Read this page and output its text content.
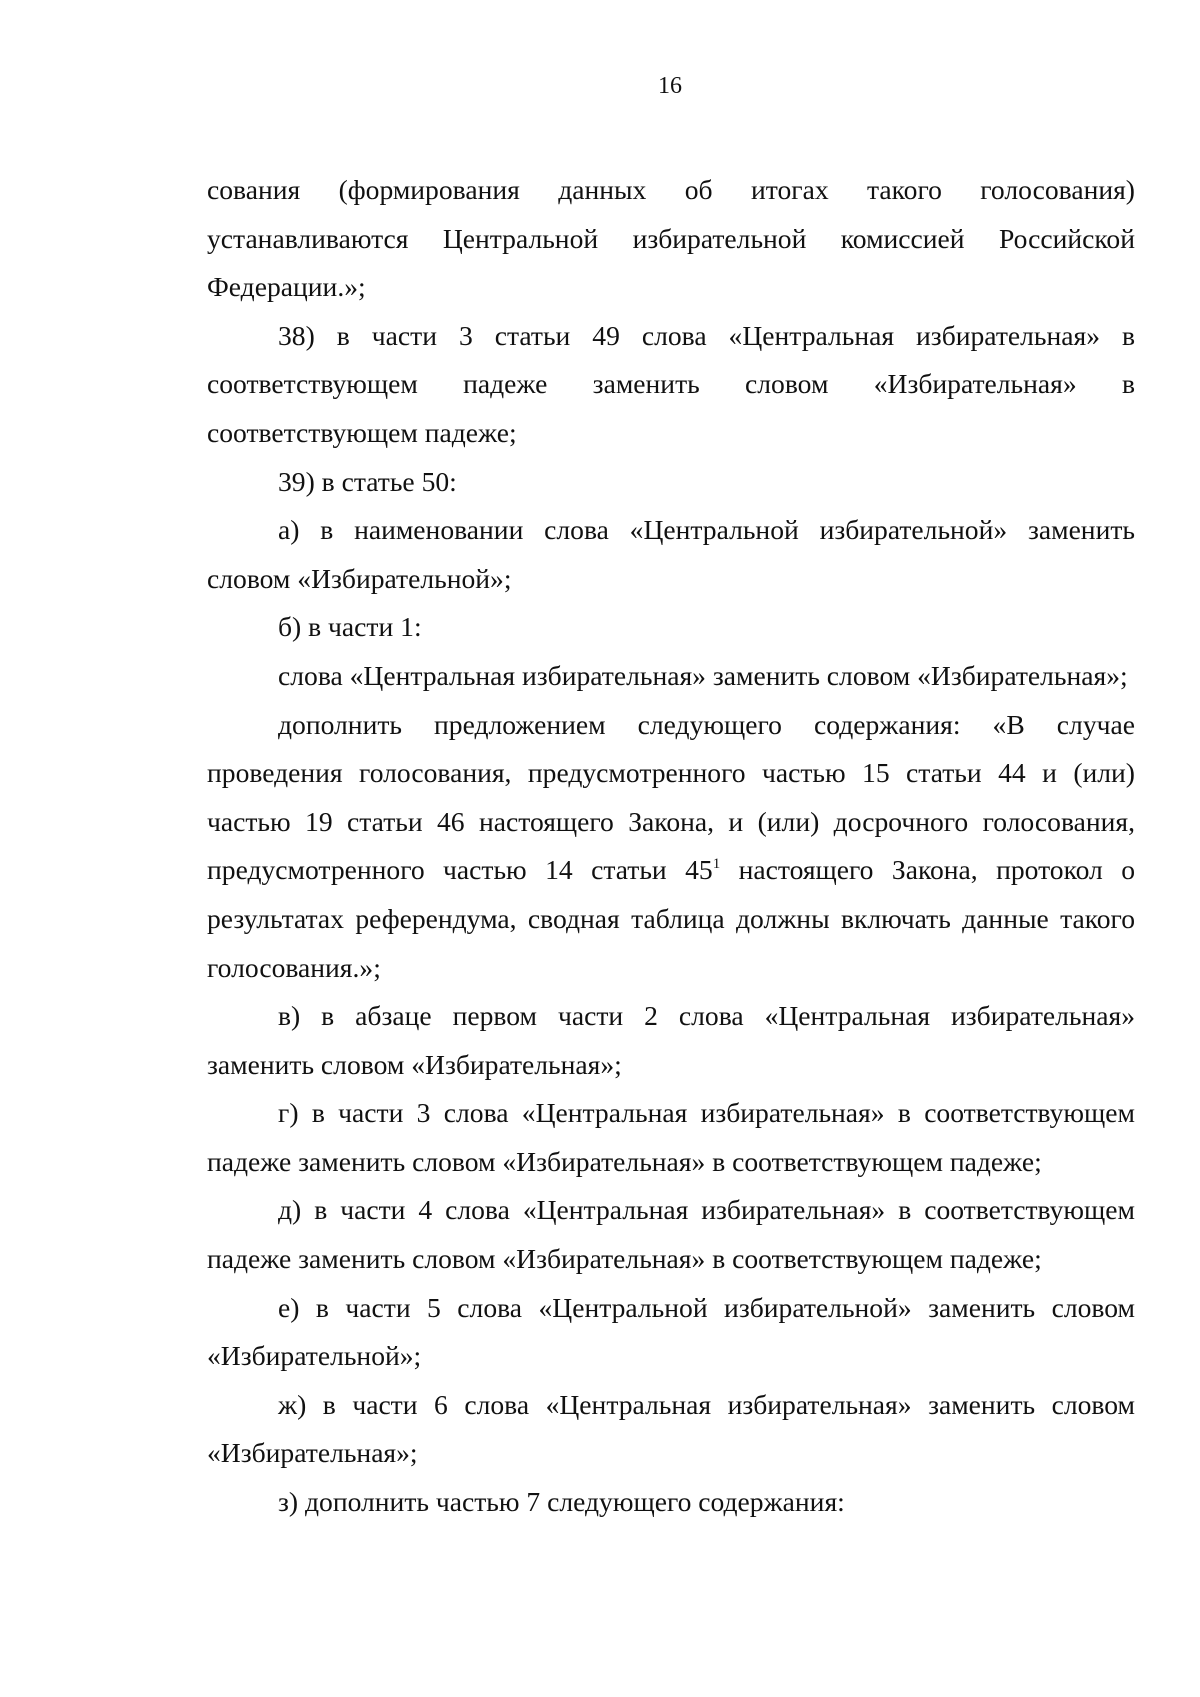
16

сования (формирования данных об итогах такого голосования) устанавливаются Центральной избирательной комиссией Российской Федерации.»;

38) в части 3 статьи 49 слова «Центральная избирательная» в соответствующем падеже заменить словом «Избирательная» в соответствующем падеже;

39) в статье 50:

а) в наименовании слова «Центральной избирательной» заменить словом «Избирательной»;

б) в части 1:

слова «Центральная избирательная» заменить словом «Избирательная»;

дополнить предложением следующего содержания: «В случае проведения голосования, предусмотренного частью 15 статьи 44 и (или) частью 19 статьи 46 настоящего Закона, и (или) досрочного голосования, предусмотренного частью 14 статьи $45^1$ настоящего Закона, протокол о результатах референдума, сводная таблица должны включать данные такого голосования.»;

в) в абзаце первом части 2 слова «Центральная избирательная» заменить словом «Избирательная»;

г) в части 3 слова «Центральная избирательная» в соответствующем падеже заменить словом «Избирательная» в соответствующем падеже;

д) в части 4 слова «Центральная избирательная» в соответствующем падеже заменить словом «Избирательная» в соответствующем падеже;

е) в части 5 слова «Центральной избирательной» заменить словом «Избирательной»;

ж) в части 6 слова «Центральная избирательная» заменить словом «Избирательная»;

з) дополнить частью 7 следующего содержания:
